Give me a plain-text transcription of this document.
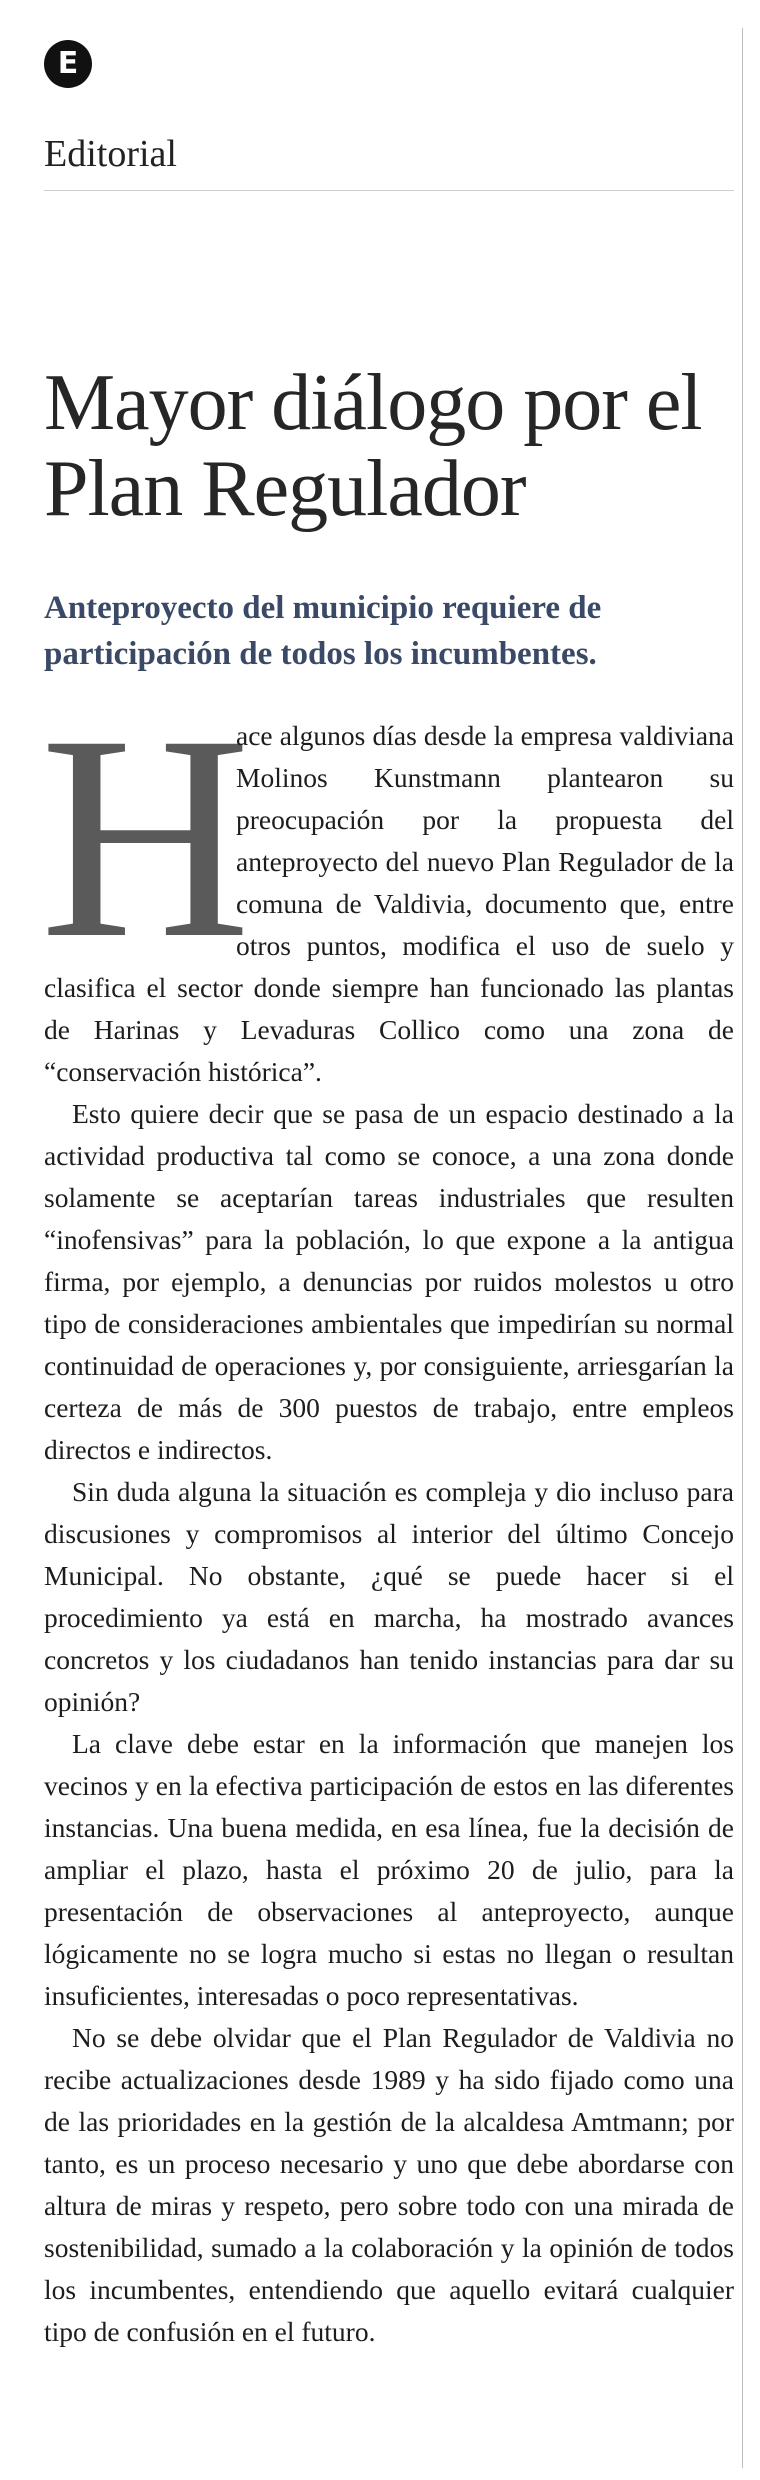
E
Editorial
Mayor diálogo por el Plan Regulador
Anteproyecto del municipio requiere de participación de todos los incumbentes.
H

ace algunos días desde la empresa valdiviana Molinos Kunstmann plantearon su preocupación por la propuesta del anteproyecto del nuevo Plan Regulador de la comuna de Valdivia, documento que, entre otros puntos, modifica el uso de suelo y clasifica el sector donde siempre han funcionado las plantas de Harinas y Levaduras Collico como una zona de “conservación histórica”.

Esto quiere decir que se pasa de un espacio destinado a la actividad productiva tal como se conoce, a una zona donde solamente se aceptarían tareas industriales que resulten “inofensivas” para la población, lo que expone a la antigua firma, por ejemplo, a denuncias por ruidos molestos u otro tipo de consideraciones ambientales que impedirían su normal continuidad de operaciones y, por consiguiente, arriesgarían la certeza de más de 300 puestos de trabajo, entre empleos directos e indirectos.

Sin duda alguna la situación es compleja y dio incluso para discusiones y compromisos al interior del último Concejo Municipal. No obstante, ¿qué se puede hacer si el procedimiento ya está en marcha, ha mostrado avances concretos y los ciudadanos han tenido instancias para dar su opinión?

La clave debe estar en la información que manejen los vecinos y en la efectiva participación de estos en las diferentes instancias. Una buena medida, en esa línea, fue la decisión de ampliar el plazo, hasta el próximo 20 de julio, para la presentación de observaciones al anteproyecto, aunque lógicamente no se logra mucho si estas no llegan o resultan insuficientes, interesadas o poco representativas.

No se debe olvidar que el Plan Regulador de Valdivia no recibe actualizaciones desde 1989 y ha sido fijado como una de las prioridades en la gestión de la alcaldesa Amtmann; por tanto, es un proceso necesario y uno que debe abordarse con altura de miras y respeto, pero sobre todo con una mirada de sostenibilidad, sumado a la colaboración y la opinión de todos los incumbentes, entendiendo que aquello evitará cualquier tipo de confusión en el futuro.
